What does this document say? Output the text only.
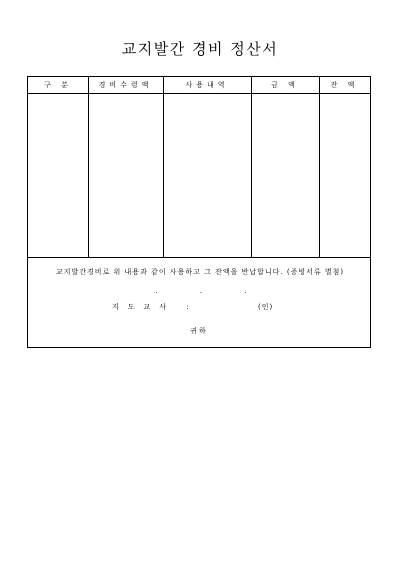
교지발간 경비 정산서
구 분	경비수령액	사용내역	금 액	잔 액
교지발간경비로 위 내용과 같이 사용하고 그 잔액을 반납합니다. (증빙서류 별첨)
. . .
지도교사 :	(인)
귀하
